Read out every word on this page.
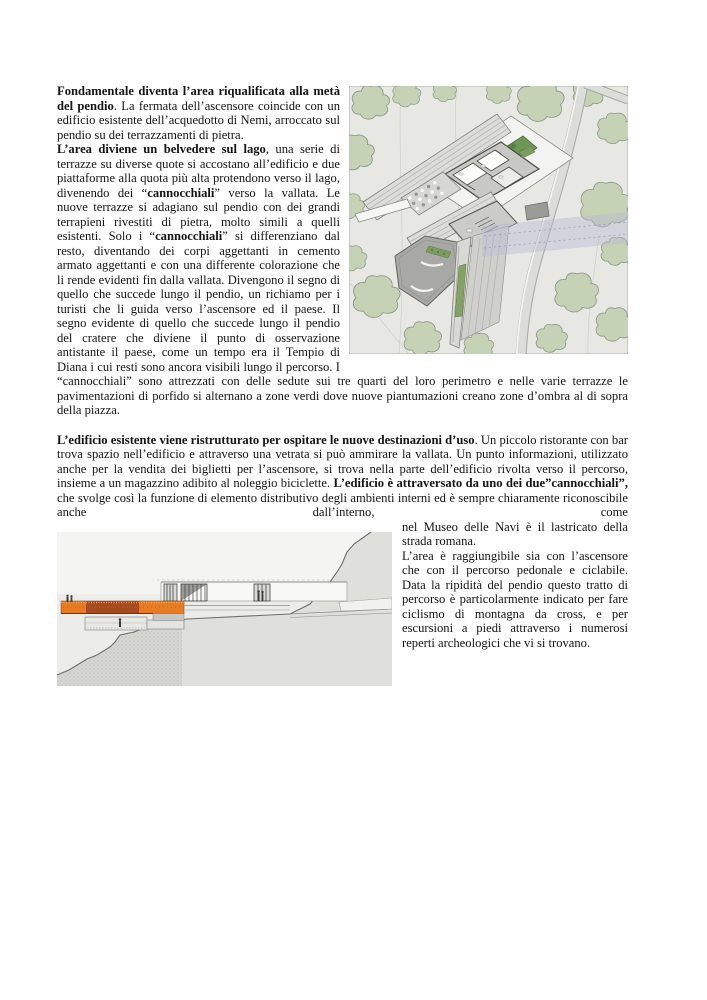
Fondamentale diventa l’area riqualificata alla metà del pendio. La fermata dell’ascensore coincide con un edificio esistente dell’acquedotto di Nemi, arroccato sul pendio su dei terrazzamenti di pietra.

L’area diviene un belvedere sul lago, una serie di terrazze su diverse quote si accostano all’edificio e due piattaforme alla quota più alta protendono verso il lago, divenendo dei “cannocchiali” verso la vallata. Le nuove terrazze si adagiano sul pendio con dei grandi terrapieni rivestiti di pietra, molto simili a quelli esistenti. Solo i “cannocchiali” si differenziano dal resto, diventando dei corpi aggettanti in cemento armato aggettanti e con una differente colorazione che li rende evidenti fin dalla vallata. Divengono il segno di quello che succede lungo il pendio, un richiamo per i turisti che li guida verso l’ascensore ed il paese. Il segno evidente di quello che succede lungo il pendio del cratere che diviene il punto di osservazione antistante il paese, come un tempo era il Tempio di Diana i cui resti sono ancora visibili lungo il percorso. I “cannocchiali” sono attrezzati con delle sedute sui tre quarti del loro perimetro e nelle varie terrazze le pavimentazioni di porfido si alternano a zone verdi dove nuove piantumazioni creano zone d’ombra al di sopra della piazza.

L’edificio esistente viene ristrutturato per ospitare le nuove destinazioni d’uso. Un piccolo ristorante con bar trova spazio nell’edificio e attraverso una vetrata si può ammirare la vallata. Un punto informazioni, utilizzato anche per la vendita dei biglietti per l’ascensore, si trova nella parte dell’edificio rivolta verso il percorso, insieme a un magazzino adibito al noleggio biciclette. L’edificio è attraversato da uno dei due”cannocchiali”, che svolge così la funzione di elemento distributivo degli ambienti interni ed è sempre chiaramente riconoscibile anche dall’interno, come

nel Museo delle Navi è il lastricato della strada romana.

L’area è raggiungibile sia con l’ascensore che con il percorso pedonale e ciclabile. Data la ripidità del pendio questo tratto di percorso è particolarmente indicato per fare ciclismo di montagna da cross, e per escursioni a piedi attraverso i numerosi reperti archeologici che vi si trovano.
